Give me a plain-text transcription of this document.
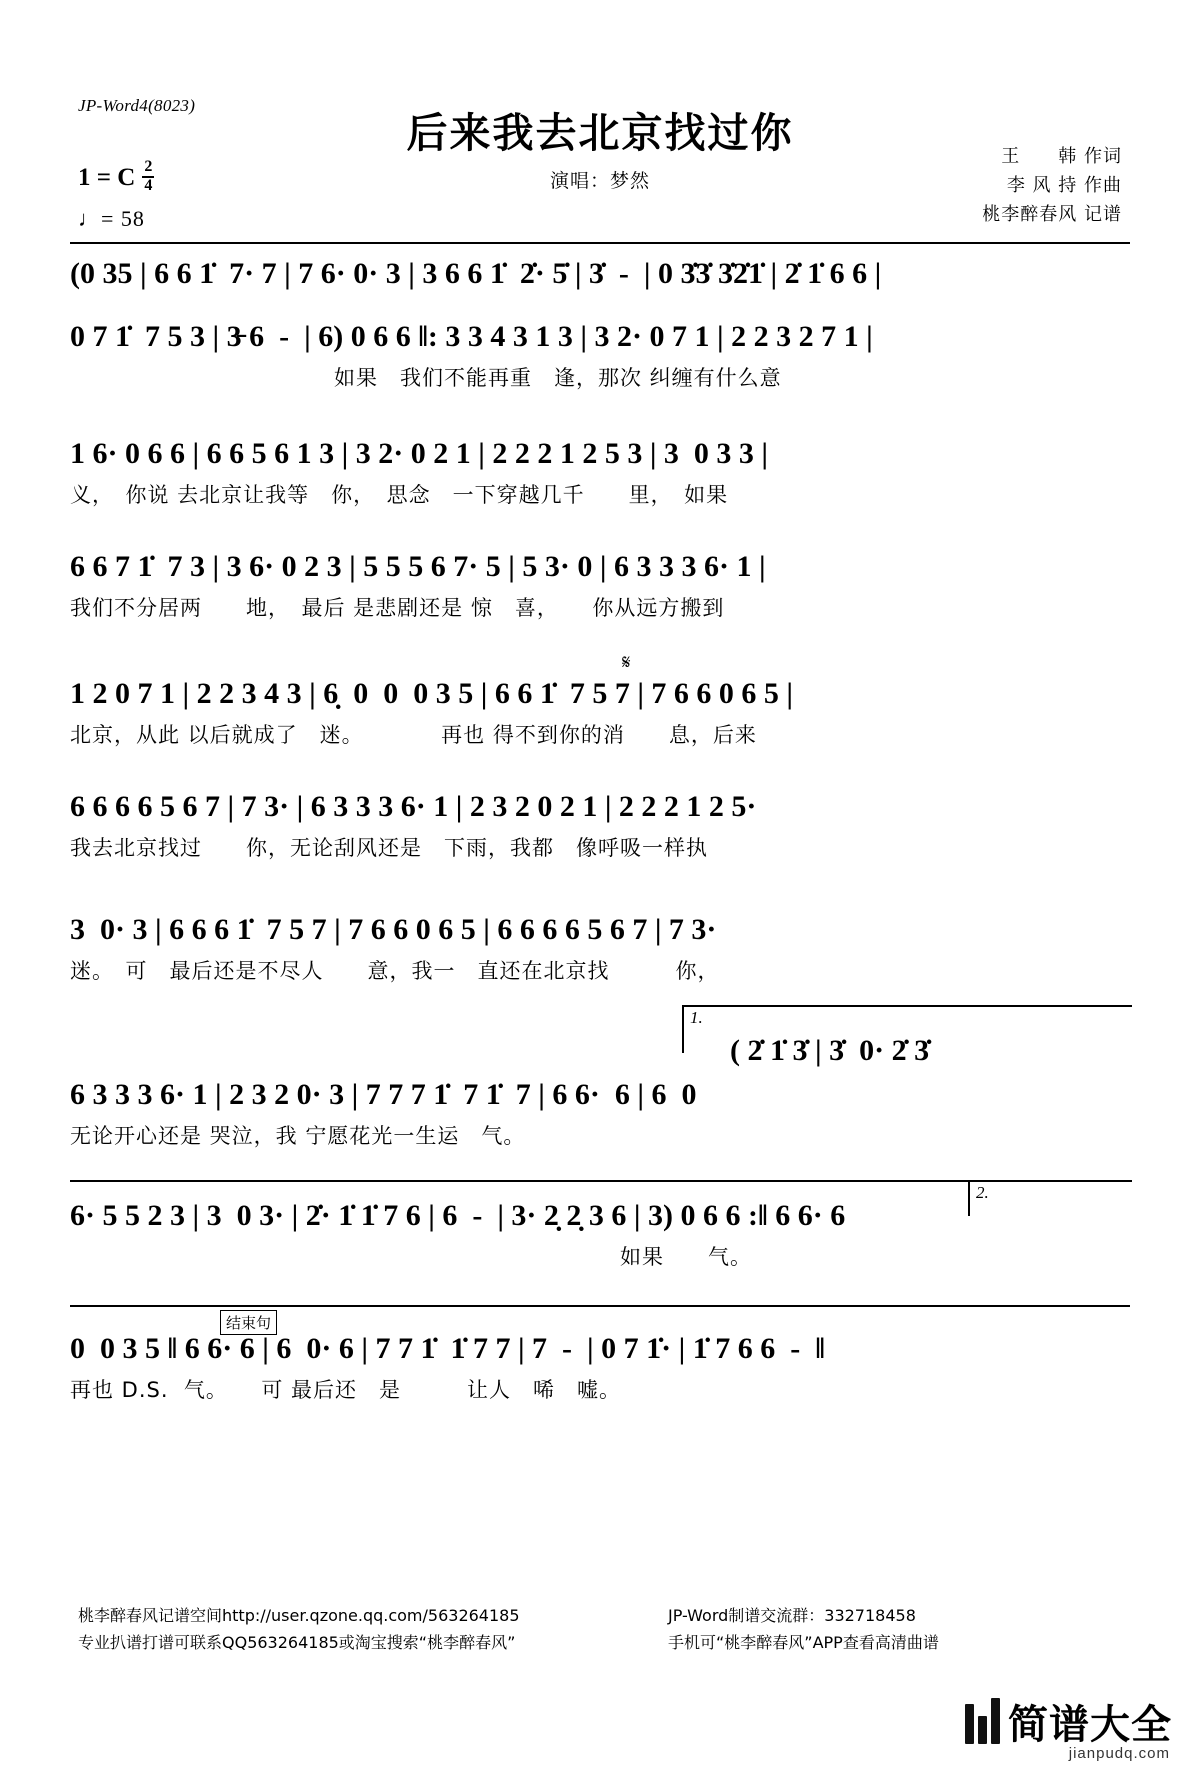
JP-Word4(8023)
后来我去北京找过你
演唱：梦然
王　　韩 作词
李 风 持 作曲
桃李醉春风 记谱
1 = C $\frac{2}{4}$
♩= 58
(0 35 | 6 6 1̇  7· 7 | 7 6· 0· 3 | 3 6 6 1̇  2̇· 5̇ | 3̇  -  | 0 3̇3̇ 3̇2̇1̇ | 2̇ 1̇ 6 6 |
0 7 1̇  7 5 3 | 3̵ 6  -  | 6) 0 6 6 ‖: 3 3 4 3 1 3 | 3 2· 0 7 1 | 2 2 3 2 7 1 |
　　　　　　　　　　　　如果　我们不能再重　逢，那次 纠缠有什么意
1 6· 0 6 6 | 6 6 5 6 1 3 | 3 2· 0 2 1 | 2 2 2 1 2 5 3 | 3  0 3 3 |
义，　你说 去北京让我等　你，　思念　一下穿越几千　　里，　如果
6 6 7 1̇  7 3 | 3 6· 0 2 3 | 5 5 5 6 7· 5 | 5 3· 0 | 6 3 3 3 6· 1 |
我们不分居两　　地，　最后 是悲剧还是 惊　喜，　　你从远方搬到
𝄋
1 2 0 7 1 | 2 2 3 4 3 | 6̣  0  0  0 3 5 | 6 6 1̇  7 5 7 | 7 6 6 0 6 5 |
北京，从此 以后就成了　迷。　　　　再也 得不到你的消　　息，后来
6 6 6 6 5 6 7 | 7 3· | 6 3 3 3 6· 1 | 2 3 2 0 2 1 | 2 2 2 1 2 5·
我去北京找过　　你，无论刮风还是　下雨，我都　像呼吸一样执
3  0· 3 | 6 6 6 1̇  7 5 7 | 7 6 6 0 6 5 | 6 6 6 6 5 6 7 | 7 3·
迷。　可　最后还是不尽人　　意，我一　直还在北京找　　　你，
1.
( 2̇ 1̇ 3̇ | 3̇  0· 2̇ 3̇
6 3 3 3 6· 1 | 2 3 2 0· 3 | 7 7 7 1̇  7 1̇  7 | 6 6·  6 | 6  0
无论开心还是 哭泣，我 宁愿花光一生运　气。
2.
6· 5 5 2 3 | 3  0 3· | 2̇· 1̇ 1̇ 7 6 | 6  -  | 3· 2̣ 2̣ 3 6 | 3) 0 6 6 :‖ 6 6· 6
　　　　　　　　　　　　　　　　　　　　　　　　　如果　　气。
结束句
0  0 3 5 ‖ 6 6· 6 | 6  0· 6 | 7 7 1̇  1̇ 7 7 | 7  -  | 0 7 1̇· | 1̇ 7 6 6  -  ‖
再也 D.S.  气。　　可 最后还　是　　　让人　唏　嘘。
桃李醉春风记谱空间http://user.qzone.qq.com/563264185
专业扒谱打谱可联系QQ563264185或淘宝搜索“桃李醉春风”
JP-Word制谱交流群：332718458
手机可“桃李醉春风”APP查看高清曲谱
简谱大全
jianpudq.com
